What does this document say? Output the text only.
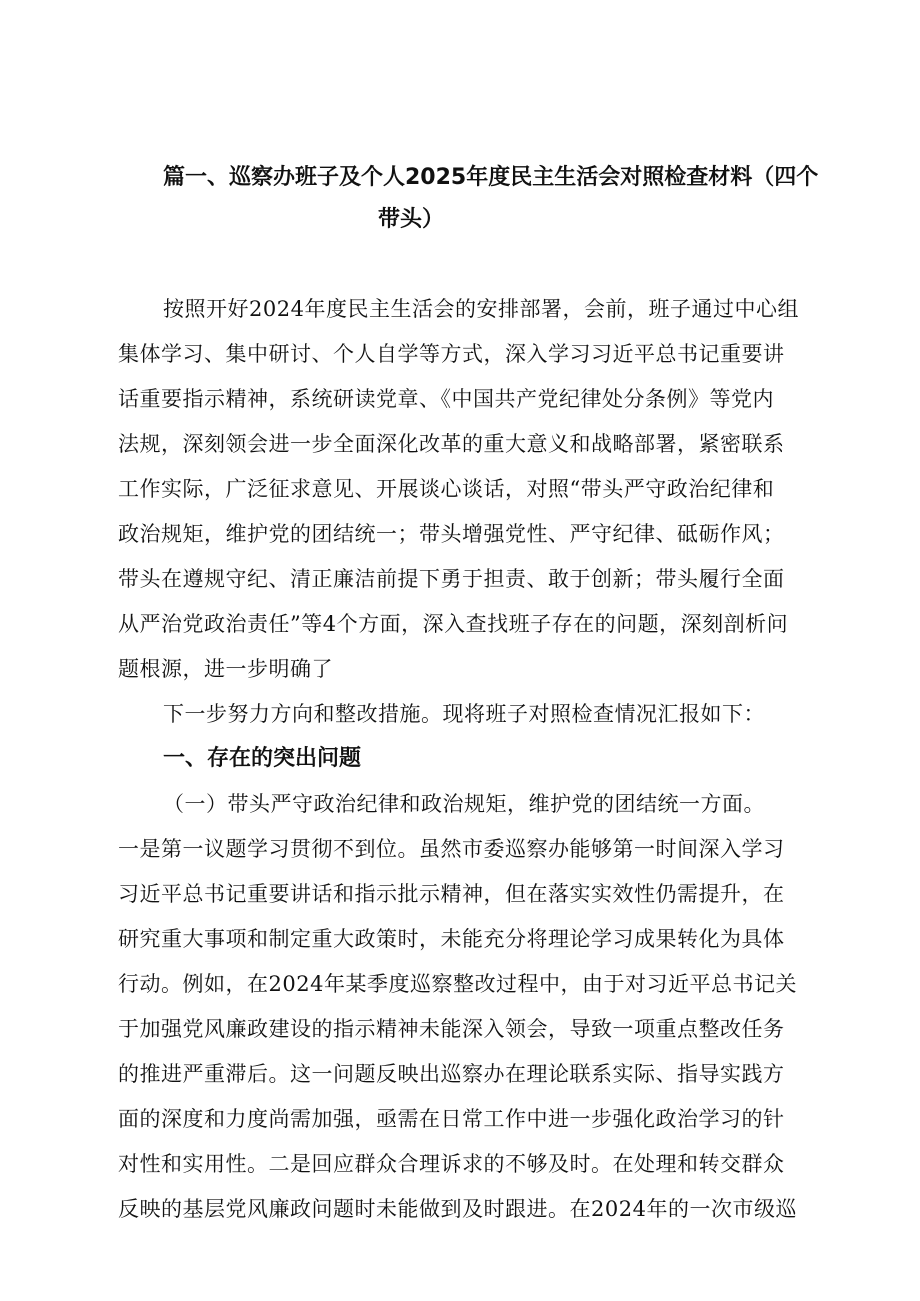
篇一、巡察办班子及个人2025年度民主生活会对照检查材料（四个
带头）
按照开好2024年度民主生活会的安排部署，会前，班子通过中心组
集体学习、集中研讨、个人自学等方式，深入学习习近平总书记重要讲
话重要指示精神，系统研读党章、《中国共产党纪律处分条例》等党内
法规，深刻领会进一步全面深化改革的重大意义和战略部署，紧密联系
工作实际，广泛征求意见、开展谈心谈话，对照“带头严守政治纪律和
政治规矩，维护党的团结统一；带头增强党性、严守纪律、砥砺作风；
带头在遵规守纪、清正廉洁前提下勇于担责、敢于创新；带头履行全面
从严治党政治责任”等4个方面，深入查找班子存在的问题，深刻剖析问
题根源，进一步明确了
下一步努力方向和整改措施。现将班子对照检查情况汇报如下：
一、存在的突出问题
（一）带头严守政治纪律和政治规矩，维护党的团结统一方面。
一是第一议题学习贯彻不到位。虽然市委巡察办能够第一时间深入学习
习近平总书记重要讲话和指示批示精神，但在落实实效性仍需提升，在
研究重大事项和制定重大政策时，未能充分将理论学习成果转化为具体
行动。例如，在2024年某季度巡察整改过程中，由于对习近平总书记关
于加强党风廉政建设的指示精神未能深入领会，导致一项重点整改任务
的推进严重滞后。这一问题反映出巡察办在理论联系实际、指导实践方
面的深度和力度尚需加强，亟需在日常工作中进一步强化政治学习的针
对性和实用性。二是回应群众合理诉求的不够及时。在处理和转交群众
反映的基层党风廉政问题时未能做到及时跟进。在2024年的一次市级巡
